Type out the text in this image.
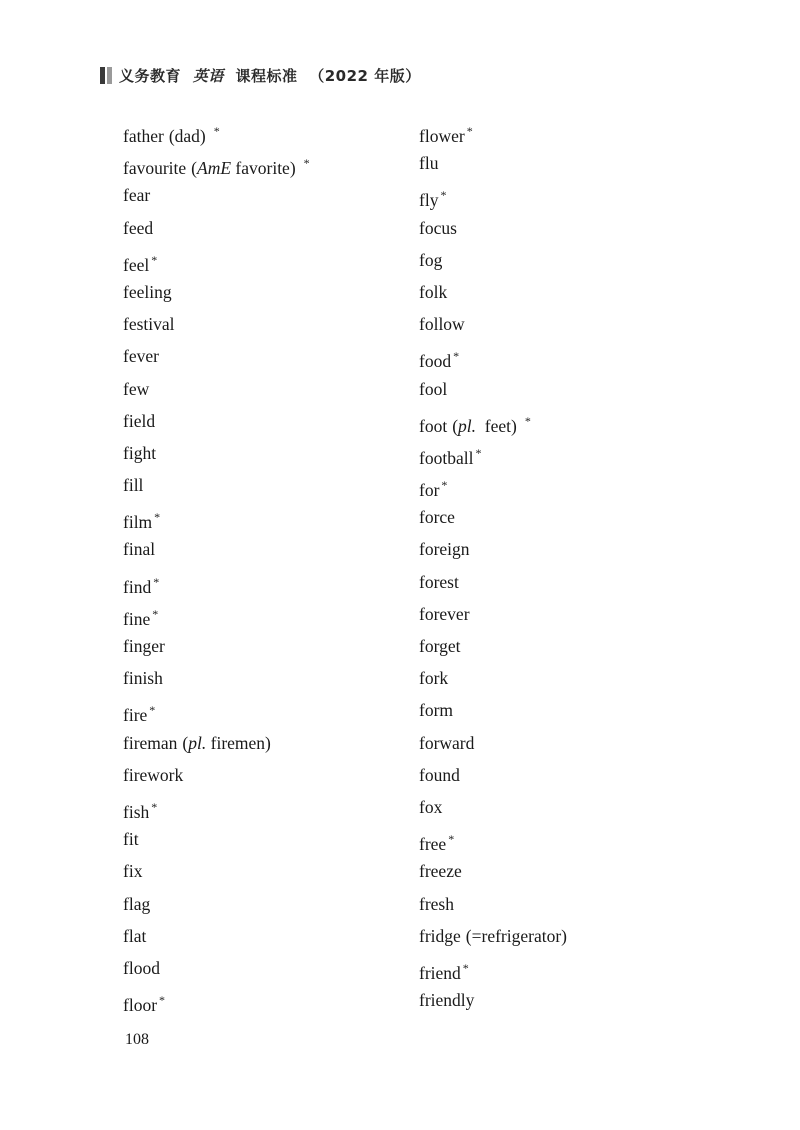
义务教育 英语 课程标准 （2022 年版）
father (dad) *
favourite (AmE favorite) *
fear
feed
feel *
feeling
festival
fever
few
field
fight
fill
film *
final
find *
fine *
finger
finish
fire *
fireman (pl. firemen)
firework
fish *
fit
fix
flag
flat
flood
floor *
flower *
flu
fly *
focus
fog
folk
follow
food *
fool
foot (pl.  feet) *
football *
for *
force
foreign
forest
forever
forget
fork
form
forward
found
fox
free *
freeze
fresh
fridge (=refrigerator)
friend *
friendly
108
